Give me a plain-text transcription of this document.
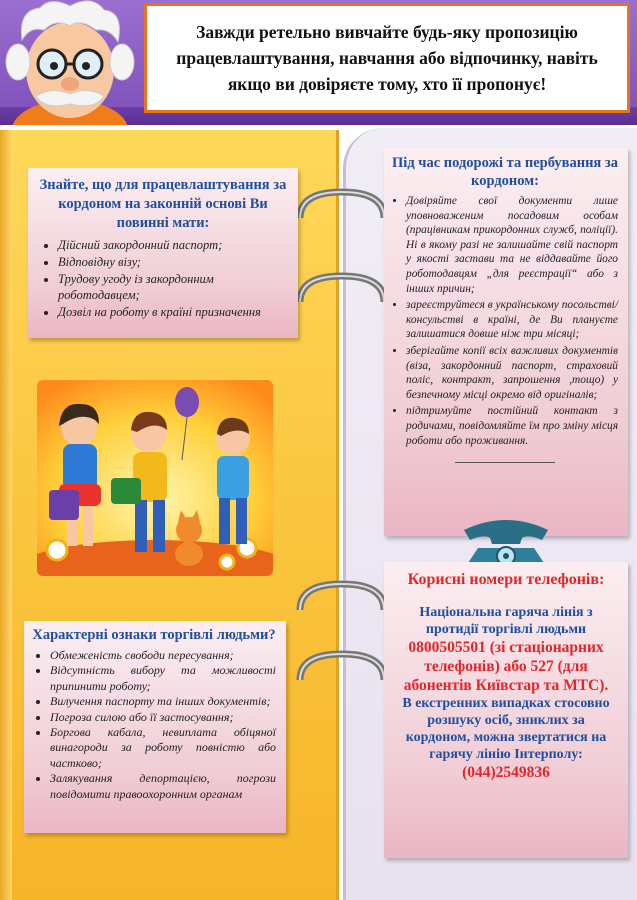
Завжди ретельно вивчайте будь-яку пропозицію працевлаштування, навчання або відпочинку, навіть якщо ви довіряєте тому, хто її пропонує!
Знайте, що для працевлаштування за кордоном на законній основі Ви повинні мати:
• Дійсний закордонний паспорт;
• Відповідну візу;
• Трудову угоду із закордонним роботодавцем;
• Дозвіл на роботу в країні призначення
Під час подорожі та пербування за кордоном:
• Довіряйте свої документи лише уповноваженим посадовим особам (працівникам прикордонних служб, поліції). Ні в якому разі не залишайте свій паспорт у якості застави та не віддавайте його роботодавцям „для реєстрації“ або з інших причин;
• зареєструйтеся в українському посольстві/консульстві в країні, де Ви плануєте залишатися довше ніж три місяці;
• зберігайте копії всіх важливих документів (віза, закордонний паспорт, страховий поліс, контракт, запрошення ,тощо) у безпечному місці окремо від оригіналів;
• підтримуйте постійний контакт з родичами, повідомляйте їм про зміну місця роботи або проживання.
Характерні ознаки торгівлі людьми?
• Обмеженість свободи пересування;
• Відсутність вибору та можливості припинити роботу;
• Вилучення паспорту та інших документів;
• Погроза силою або її застосування;
• Боргова кабала, невиплата обіцяної винагороди за роботу повністю або частково;
• Залякування депортацією, погрози повідомити правоохоронним органам
Корисні номери телефонів:
Національна гаряча лінія з протидії торгівлі людьми
0800505501 (зі стаціонарних телефонів) або 527 (для абонентів Київстар та МТС).
В екстренних випадках стосовно розшуку осіб, зниклих за кордоном, можна звертатися на гарячу лінію Інтерполу:
(044)2549836
